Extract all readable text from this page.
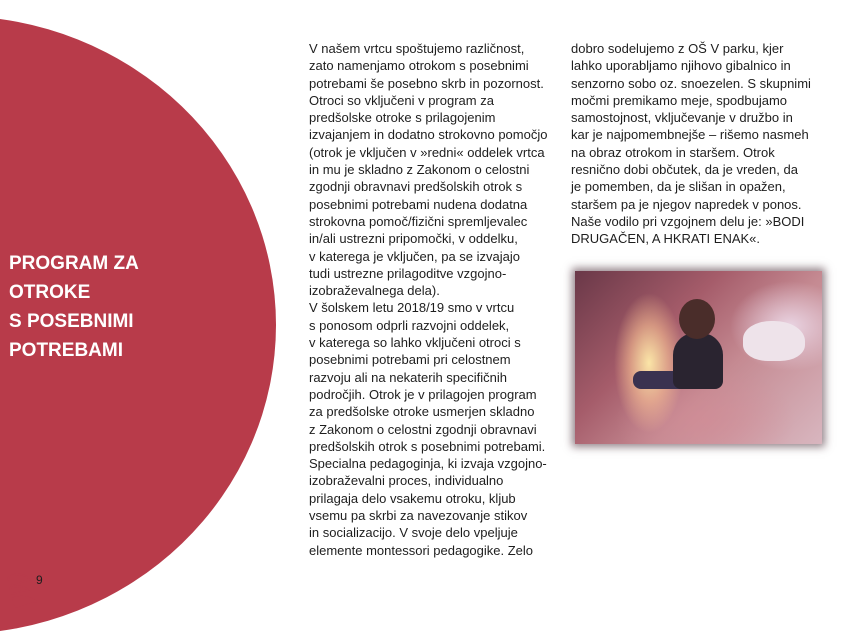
PROGRAM ZA
OTROKE
S POSEBNIMI
POTREBAMI

V našem vrtcu spoštujemo različnost,

zato namenjamo otrokom s posebnimi

potrebami še posebno skrb in pozornost.

Otroci so vključeni v program za

predšolske otroke s prilagojenim

izvajanjem in dodatno strokovno pomočjo

(otrok je vključen v »redni« oddelek vrtca

in mu je skladno z Zakonom o celostni

zgodnji obravnavi predšolskih otrok s

posebnimi potrebami nudena dodatna

strokovna pomoč/fizični spremljevalec

in/ali ustrezni pripomočki, v oddelku,

v katerega je vključen, pa se izvajajo

tudi ustrezne prilagoditve vzgojno-

izobraževalnega dela).

V šolskem letu 2018/19 smo v vrtcu

s ponosom odprli razvojni oddelek,

v katerega so lahko vključeni otroci s

posebnimi potrebami pri celostnem

razvoju ali na nekaterih specifičnih

področjih. Otrok je v prilagojen program

za predšolske otroke usmerjen skladno

z Zakonom o celostni zgodnji obravnavi

predšolskih otrok s posebnimi potrebami.

Specialna pedagoginja, ki izvaja vzgojno-

izobraževalni proces, individualno

prilagaja delo vsakemu otroku, kljub

vsemu pa skrbi za navezovanje stikov

in socializacijo. V svoje delo vpeljuje

elemente montessori pedagogike. Zelo

dobro sodelujemo z OŠ V parku, kjer

lahko uporabljamo njihovo gibalnico in

senzorno sobo oz. snoezelen. S skupnimi

močmi premikamo meje, spodbujamo

samostojnost, vključevanje v družbo in

kar je najpomembnejše – rišemo nasmeh

na obraz otrokom in staršem. Otrok

resnično dobi občutek, da je vreden, da

je pomemben, da je slišan in opažen,

staršem pa je njegov napredek v ponos.

Naše vodilo pri vzgojnem delu je: »BODI

DRUGAČEN, A HKRATI ENAK«.

9
